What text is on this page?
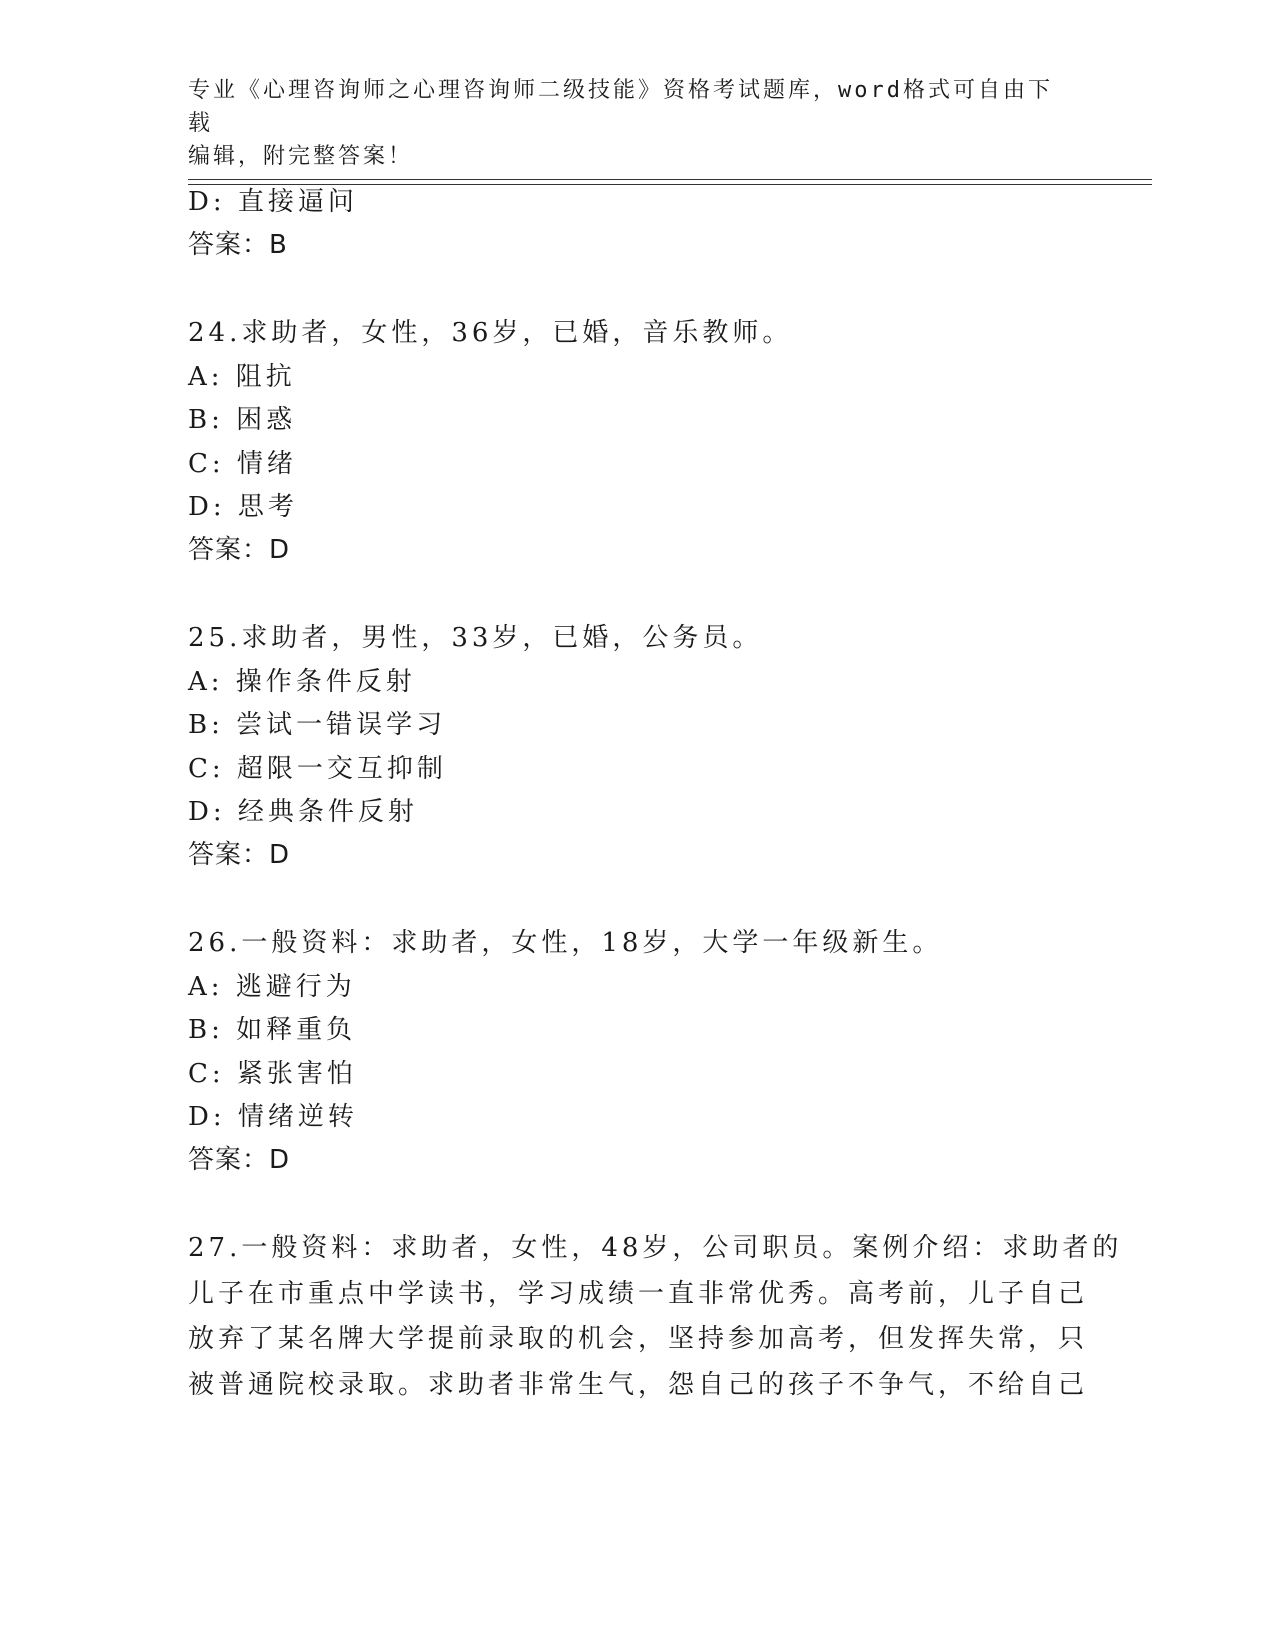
专业《心理咨询师之心理咨询师二级技能》资格考试题库，word格式可自由下载
编辑，附完整答案！
D: 直接逼问
答案：B
24.求助者，女性，36岁，已婚，音乐教师。
A: 阻抗
B: 困惑
C: 情绪
D: 思考
答案：D
25.求助者，男性，33岁，已婚，公务员。
A: 操作条件反射
B: 尝试一错误学习
C: 超限一交互抑制
D: 经典条件反射
答案：D
26.一般资料：求助者，女性，18岁，大学一年级新生。
A: 逃避行为
B: 如释重负
C: 紧张害怕
D: 情绪逆转
答案：D
27.一般资料：求助者，女性，48岁，公司职员。案例介绍：求助者的
儿子在市重点中学读书，学习成绩一直非常优秀。高考前，儿子自己
放弃了某名牌大学提前录取的机会，坚持参加高考，但发挥失常，只
被普通院校录取。求助者非常生气，怨自己的孩子不争气，不给自己
